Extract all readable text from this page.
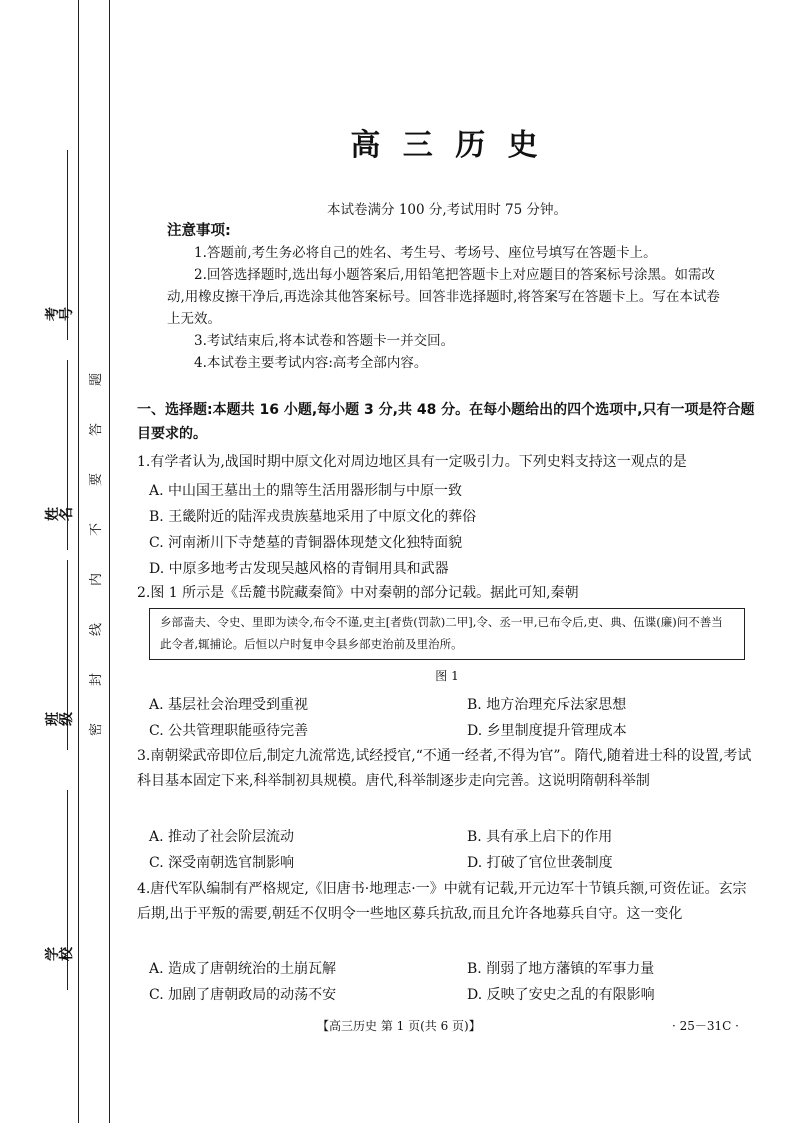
考号
姓名
班级
学校
题
答
要
不
内
线
封
密
高 三 历 史
本试卷满分 100 分,考试用时 75 分钟。
注意事项:

1.答题前,考生务必将自己的姓名、考生号、考场号、座位号填写在答题卡上。

2.回答选择题时,选出每小题答案后,用铅笔把答题卡上对应题目的答案标号涂黑。如需改动,用橡皮擦干净后,再选涂其他答案标号。回答非选择题时,将答案写在答题卡上。写在本试卷上无效。

3.考试结束后,将本试卷和答题卡一并交回。

4.本试卷主要考试内容:高考全部内容。

一、选择题:本题共 16 小题,每小题 3 分,共 48 分。在每小题给出的四个选项中,只有一项是符合题目要求的。
1.有学者认为,战国时期中原文化对周边地区具有一定吸引力。下列史料支持这一观点的是
A. 中山国王墓出土的鼎等生活用器形制与中原一致
B. 王畿附近的陆浑戎贵族墓地采用了中原文化的葬俗
C. 河南淅川下寺楚墓的青铜器体现楚文化独特面貌
D. 中原多地考古发现吴越风格的青铜用具和武器
2.图 1 所示是《岳麓书院藏秦简》中对秦朝的部分记载。据此可知,秦朝
乡部啬夫、令史、里即为读令,布令不谨,吏主[者赀(罚款)二甲],令、丞一甲,已布令后,吏、典、伍谍(廉)问不善当此令者,辄捕论。后恒以户时复申令县乡部吏治前及里治所。
图 1
A. 基层社会治理受到重视	B. 地方治理充斥法家思想
C. 公共管理职能亟待完善	D. 乡里制度提升管理成本
3.南朝梁武帝即位后,制定九流常选,试经授官,“不通一经者,不得为官”。隋代,随着进士科的设置,考试科目基本固定下来,科举制初具规模。唐代,科举制逐步走向完善。这说明隋朝科举制
A. 推动了社会阶层流动	B. 具有承上启下的作用
C. 深受南朝选官制影响	D. 打破了官位世袭制度
4.唐代军队编制有严格规定,《旧唐书·地理志·一》中就有记载,开元边军十节镇兵额,可资佐证。玄宗后期,出于平叛的需要,朝廷不仅明令一些地区募兵抗敌,而且允许各地募兵自守。这一变化
A. 造成了唐朝统治的土崩瓦解	B. 削弱了地方藩镇的军事力量
C. 加剧了唐朝政局的动荡不安	D. 反映了安史之乱的有限影响
【高三历史 第 1 页(共 6 页)】	· 25－31C ·
